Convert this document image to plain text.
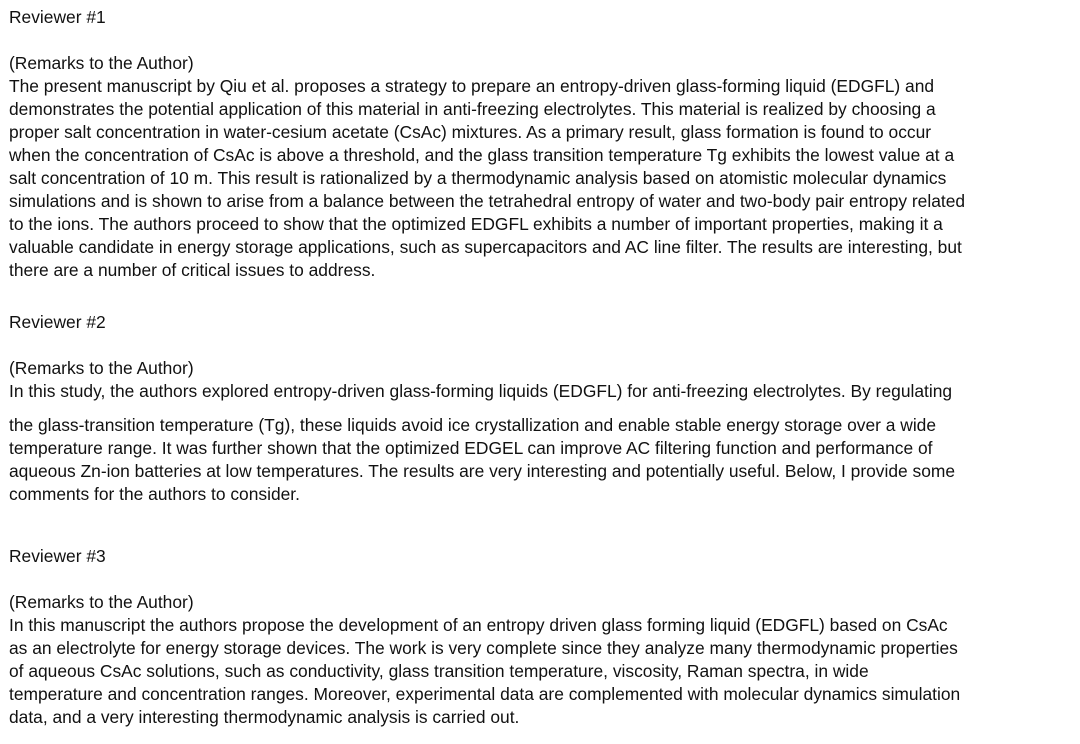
Reviewer #1
(Remarks to the Author)
The present manuscript by Qiu et al. proposes a strategy to prepare an entropy-driven glass-forming liquid (EDGFL) and
demonstrates the potential application of this material in anti-freezing electrolytes. This material is realized by choosing a
proper salt concentration in water-cesium acetate (CsAc) mixtures. As a primary result, glass formation is found to occur
when the concentration of CsAc is above a threshold, and the glass transition temperature Tg exhibits the lowest value at a
salt concentration of 10 m. This result is rationalized by a thermodynamic analysis based on atomistic molecular dynamics
simulations and is shown to arise from a balance between the tetrahedral entropy of water and two-body pair entropy related
to the ions. The authors proceed to show that the optimized EDGFL exhibits a number of important properties, making it a
valuable candidate in energy storage applications, such as supercapacitors and AC line filter. The results are interesting, but
there are a number of critical issues to address.
Reviewer #2
(Remarks to the Author)
In this study, the authors explored entropy-driven glass-forming liquids (EDGFL) for anti-freezing electrolytes. By regulating
the glass-transition temperature (Tg), these liquids avoid ice crystallization and enable stable energy storage over a wide
temperature range. It was further shown that the optimized EDGEL can improve AC filtering function and performance of
aqueous Zn-ion batteries at low temperatures. The results are very interesting and potentially useful. Below, I provide some
comments for the authors to consider.
Reviewer #3
(Remarks to the Author)
In this manuscript the authors propose the development of an entropy driven glass forming liquid (EDGFL) based on CsAc
as an electrolyte for energy storage devices. The work is very complete since they analyze many thermodynamic properties
of aqueous CsAc solutions, such as conductivity, glass transition temperature, viscosity, Raman spectra, in wide
temperature and concentration ranges. Moreover, experimental data are complemented with molecular dynamics simulation
data, and a very interesting thermodynamic analysis is carried out.
